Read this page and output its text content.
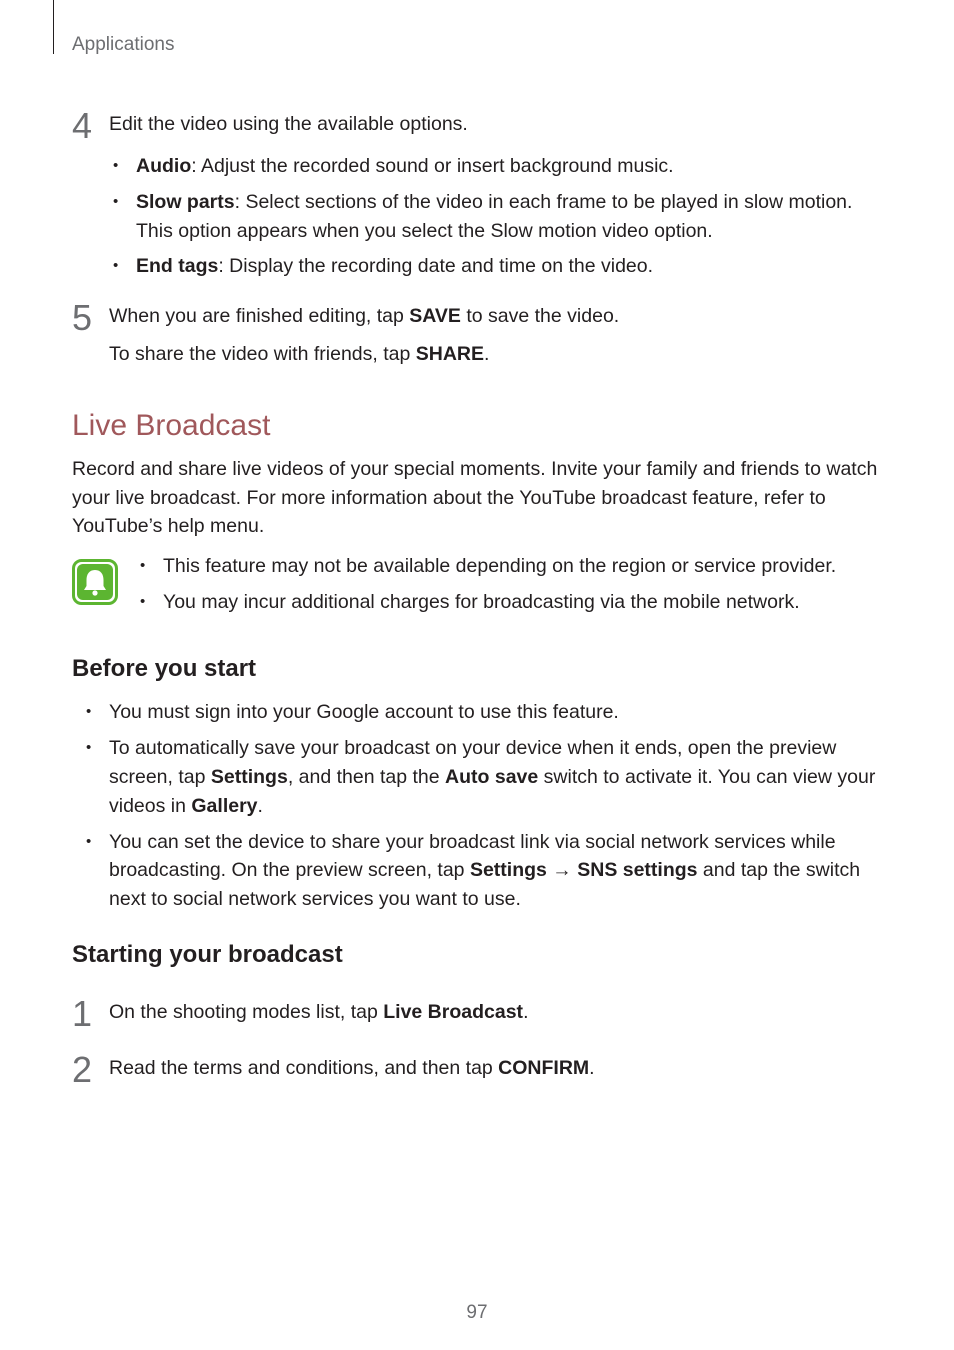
Applications
4 Edit the video using the available options.
• Audio: Adjust the recorded sound or insert background music.
• Slow parts: Select sections of the video in each frame to be played in slow motion.
This option appears when you select the Slow motion video option.
• End tags: Display the recording date and time on the video.
5 When you are finished editing, tap SAVE to save the video.
To share the video with friends, tap SHARE.
Live Broadcast
Record and share live videos of your special moments. Invite your family and friends to watch
your live broadcast. For more information about the YouTube broadcast feature, refer to
YouTube’s help menu.
• This feature may not be available depending on the region or service provider.
• You may incur additional charges for broadcasting via the mobile network.
Before you start
• You must sign into your Google account to use this feature.
• To automatically save your broadcast on your device when it ends, open the preview
screen, tap Settings, and then tap the Auto save switch to activate it. You can view your
videos in Gallery.
• You can set the device to share your broadcast link via social network services while
broadcasting. On the preview screen, tap Settings → SNS settings and tap the switch
next to social network services you want to use.
Starting your broadcast
1 On the shooting modes list, tap Live Broadcast.
2 Read the terms and conditions, and then tap CONFIRM.
97
